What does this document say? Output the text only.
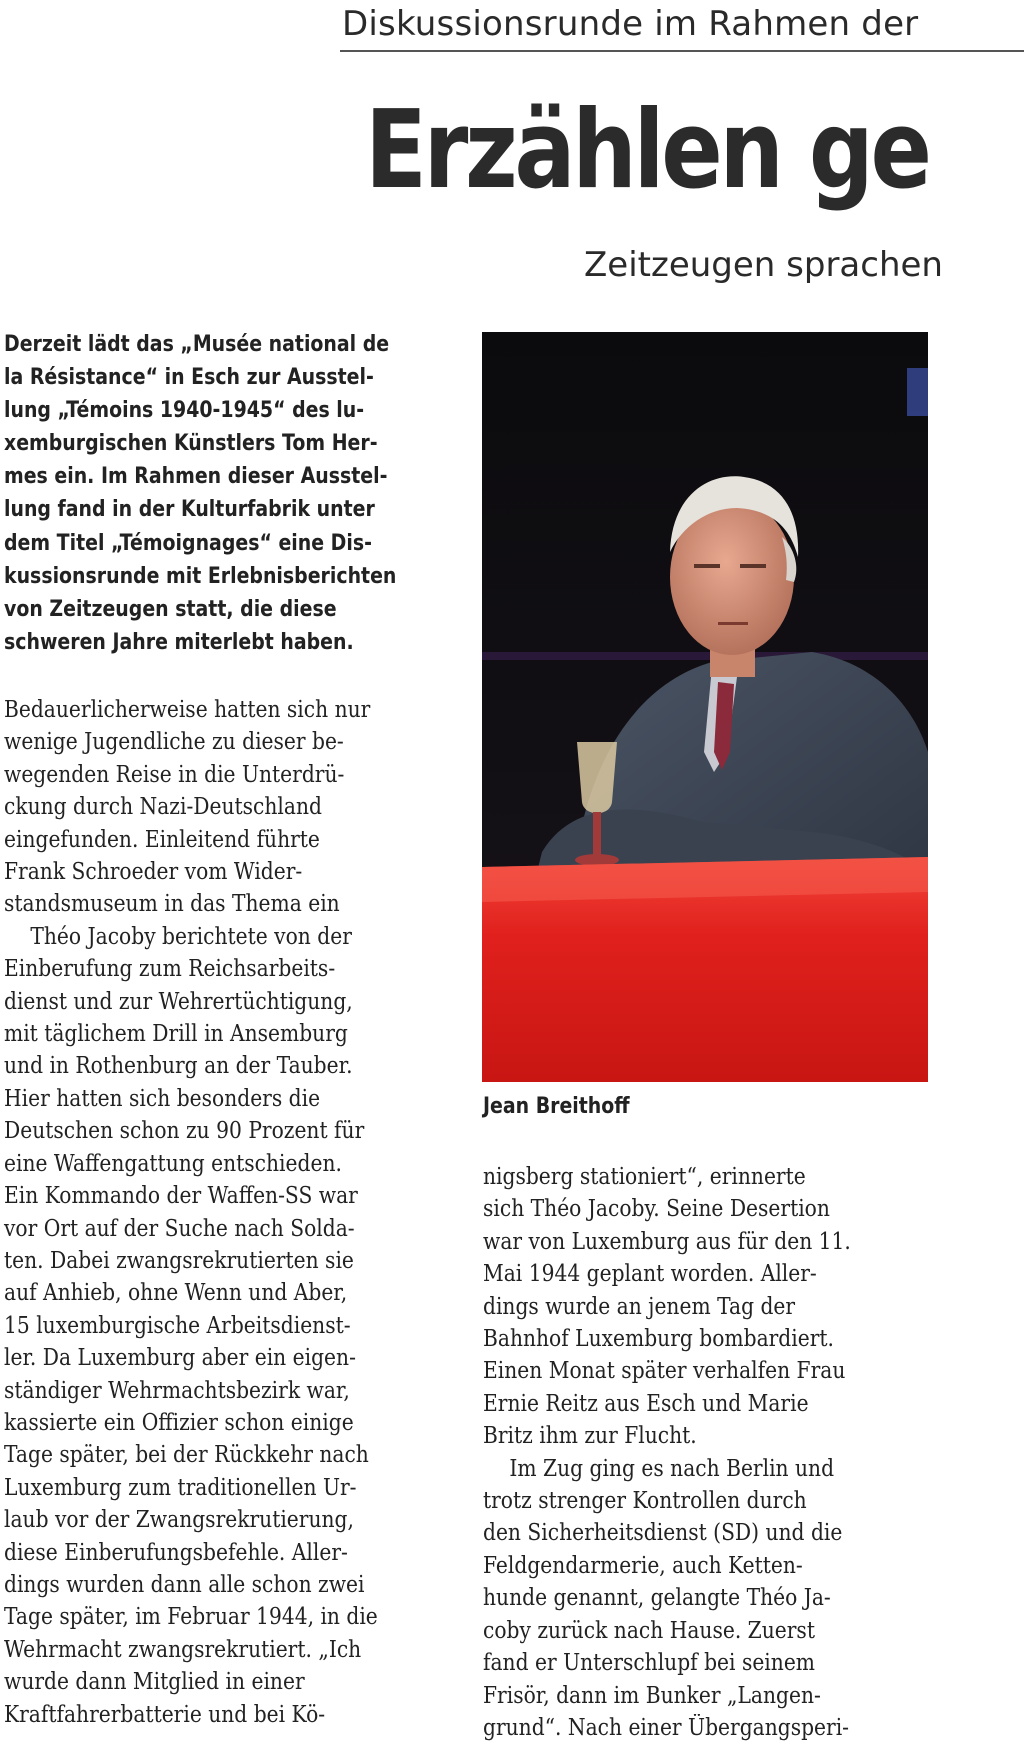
Diskussionsrunde im Rahmen der
Erzählen ge
Zeitzeugen sprachen
Derzeit lädt das „Musée national de
la Résistance“ in Esch zur Ausstel-
lung „Témoins 1940-1945“ des lu-
xemburgischen Künstlers Tom Her-
mes ein. Im Rahmen dieser Ausstel-
lung fand in der Kulturfabrik unter
dem Titel „Témoignages“ eine Dis-
kussionsrunde mit Erlebnisberichten
von Zeitzeugen statt, die diese
schweren Jahre miterlebt haben.
Bedauerlicherweise hatten sich nur
wenige Jugendliche zu dieser be-
wegenden Reise in die Unterdrü-
ckung durch Nazi-Deutschland
eingefunden. Einleitend führte
Frank Schroeder vom Wider-
standsmuseum in das Thema ein
Théo Jacoby berichtete von der
Einberufung zum Reichsarbeits-
dienst und zur Wehrertüchtigung,
mit täglichem Drill in Ansemburg
und in Rothenburg an der Tauber.
Hier hatten sich besonders die
Deutschen schon zu 90 Prozent für
eine Waffengattung entschieden.
Ein Kommando der Waffen-SS war
vor Ort auf der Suche nach Solda-
ten. Dabei zwangsrekrutierten sie
auf Anhieb, ohne Wenn und Aber,
15 luxemburgische Arbeitsdienst-
ler. Da Luxemburg aber ein eigen-
ständiger Wehrmachtsbezirk war,
kassierte ein Offizier schon einige
Tage später, bei der Rückkehr nach
Luxemburg zum traditionellen Ur-
laub vor der Zwangsrekrutierung,
diese Einberufungsbefehle. Aller-
dings wurden dann alle schon zwei
Tage später, im Februar 1944, in die
Wehrmacht zwangsrekrutiert. „Ich
wurde dann Mitglied in einer
Kraftfahrerbatterie und bei Kö-
Jean Breithoff
nigsberg stationiert“, erinnerte
sich Théo Jacoby. Seine Desertion
war von Luxemburg aus für den 11.
Mai 1944 geplant worden. Aller-
dings wurde an jenem Tag der
Bahnhof Luxemburg bombardiert.
Einen Monat später verhalfen Frau
Ernie Reitz aus Esch und Marie
Britz ihm zur Flucht.
Im Zug ging es nach Berlin und
trotz strenger Kontrollen durch
den Sicherheitsdienst (SD) und die
Feldgendarmerie, auch Ketten-
hunde genannt, gelangte Théo Ja-
coby zurück nach Hause. Zuerst
fand er Unterschlupf bei seinem
Frisör, dann im Bunker „Langen-
grund“. Nach einer Übergangsperi-
